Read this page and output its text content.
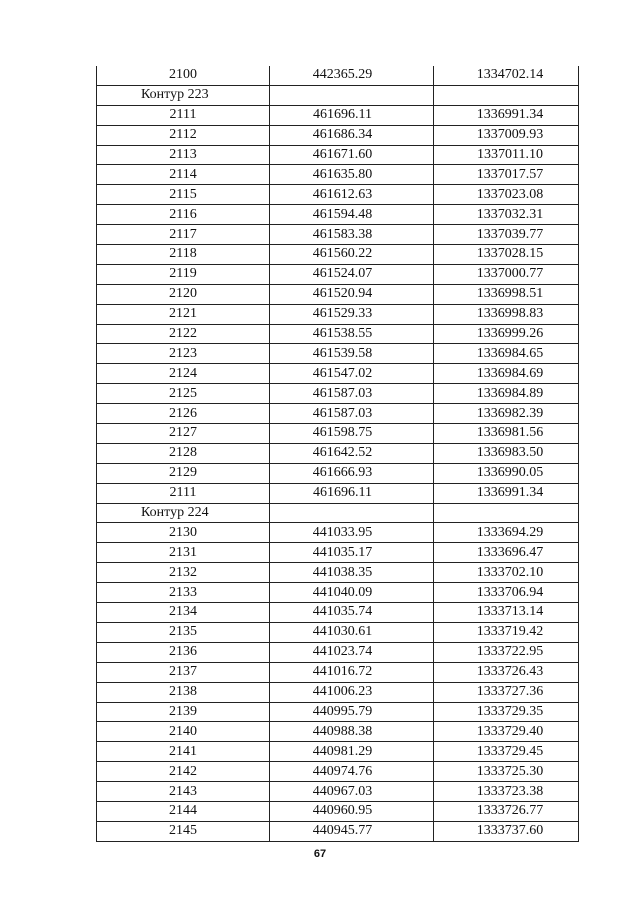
2100	442365.29	1334702.14
Контур 223		
2111	461696.11	1336991.34
2112	461686.34	1337009.93
2113	461671.60	1337011.10
2114	461635.80	1337017.57
2115	461612.63	1337023.08
2116	461594.48	1337032.31
2117	461583.38	1337039.77
2118	461560.22	1337028.15
2119	461524.07	1337000.77
2120	461520.94	1336998.51
2121	461529.33	1336998.83
2122	461538.55	1336999.26
2123	461539.58	1336984.65
2124	461547.02	1336984.69
2125	461587.03	1336984.89
2126	461587.03	1336982.39
2127	461598.75	1336981.56
2128	461642.52	1336983.50
2129	461666.93	1336990.05
2111	461696.11	1336991.34
Контур 224		
2130	441033.95	1333694.29
2131	441035.17	1333696.47
2132	441038.35	1333702.10
2133	441040.09	1333706.94
2134	441035.74	1333713.14
2135	441030.61	1333719.42
2136	441023.74	1333722.95
2137	441016.72	1333726.43
2138	441006.23	1333727.36
2139	440995.79	1333729.35
2140	440988.38	1333729.40
2141	440981.29	1333729.45
2142	440974.76	1333725.30
2143	440967.03	1333723.38
2144	440960.95	1333726.77
2145	440945.77	1333737.60
67
